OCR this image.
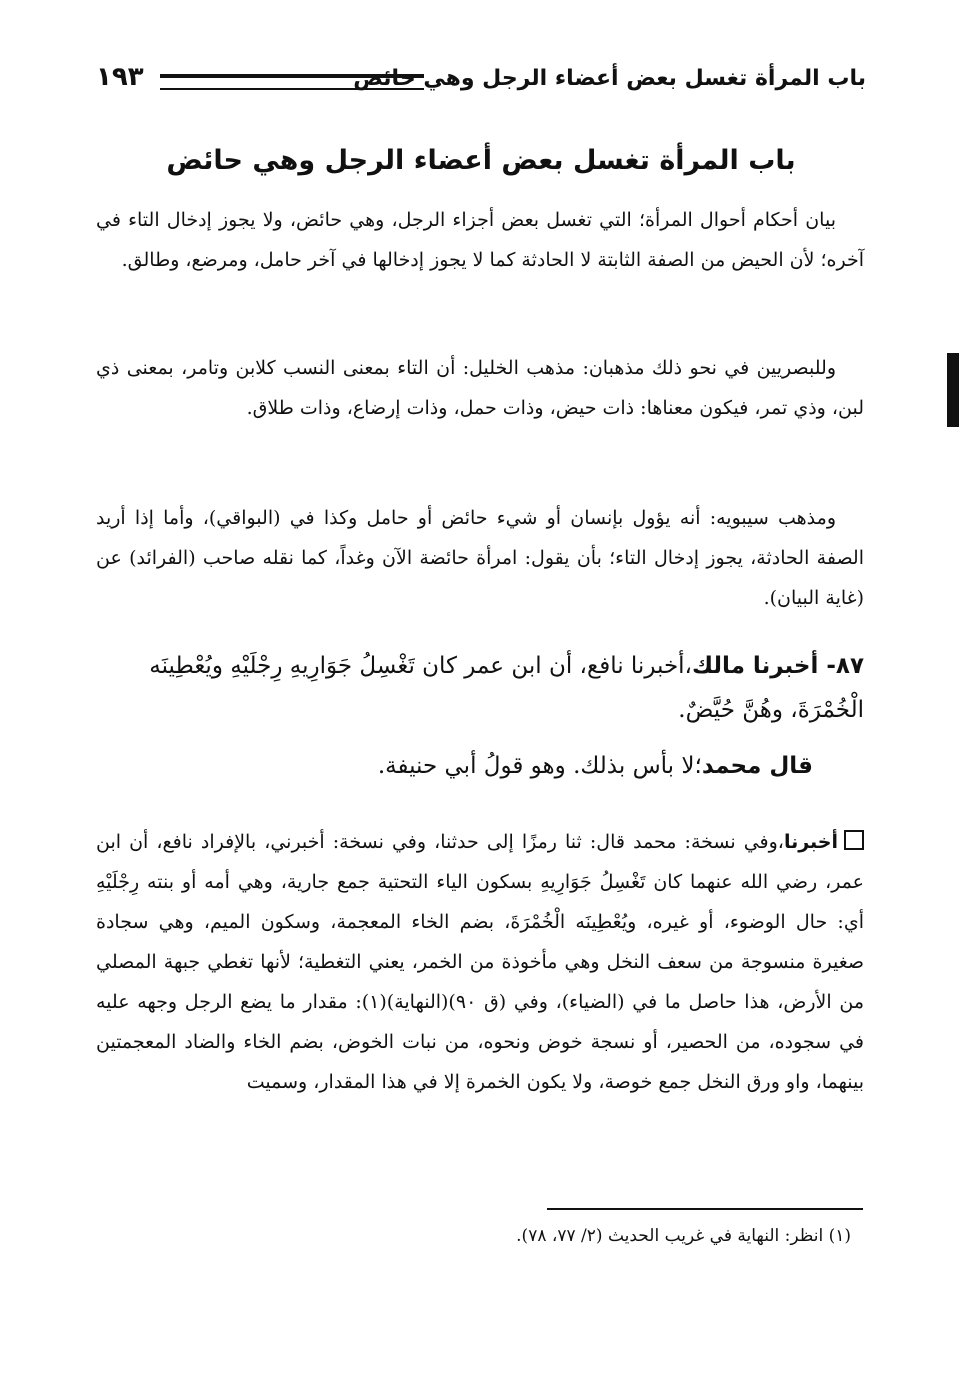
باب المرأة تغسل بعض أعضاء الرجل وهي حائض
١٩٣
باب المرأة تغسل بعض أعضاء الرجل وهي حائض

بيان أحكام أحوال المرأة؛ التي تغسل بعض أجزاء الرجل، وهي حائض، ولا يجوز إدخال التاء في آخره؛ لأن الحيض من الصفة الثابتة لا الحادثة كما لا يجوز إدخالها في آخر حامل، ومرضع، وطالق.

وللبصريين في نحو ذلك مذهبان: مذهب الخليل: أن التاء بمعنى النسب كلابن وتامر، بمعنى ذي لبن، وذي تمر، فيكون معناها: ذات حيض، وذات حمل، وذات إرضاع، وذات طلاق.

ومذهب سيبويه: أنه يؤول بإنسان أو شيء حائض أو حامل وكذا في (البواقي)، وأما إذا أريد الصفة الحادثة، يجوز إدخال التاء؛ بأن يقول: امرأة حائضة الآن وغداً، كما نقله صاحب (الفرائد) عن (غاية البيان).

٨٧- أخبرنا مالك،أخبرنا نافع، أن ابن عمر كان تَغْسِلُ جَوَارِيهِ رِجْلَيْهِ ويُعْطِينَه الْخُمْرَةَ، وهُنَّ حُيَّضٌ.

قال محمد؛لا بأس بذلك. وهو قولُ أبي حنيفة.

أخبرنا،وفي نسخة: محمد قال: ثنا رمزًا إلى حدثنا، وفي نسخة: أخبرني، بالإفراد نافع، أن ابن عمر، رضي الله عنهما كان تَغْسِلُ جَوَارِيهِ بسكون الياء التحتية جمع جارية، وهي أمه أو بنته رِجْلَيْهِ أي: حال الوضوء، أو غيره، ويُعْطِينَه الْخُمْرَةَ، بضم الخاء المعجمة، وسكون الميم، وهي سجادة صغيرة منسوجة من سعف النخل وهي مأخوذة من الخمر، يعني التغطية؛ لأنها تغطي جبهة المصلي من الأرض، هذا حاصل ما في (الضياء)، وفي (ق ٩٠)(النهاية)(١): مقدار ما يضع الرجل وجهه عليه في سجوده، من الحصير، أو نسجة خوض ونحوه، من نبات الخوض، بضم الخاء والضاد المعجمتين بينهما، واو ورق النخل جمع خوصة، ولا يكون الخمرة إلا في هذا المقدار، وسميت

(١) انظر: النهاية في غريب الحديث (٢/ ٧٧، ٧٨).
